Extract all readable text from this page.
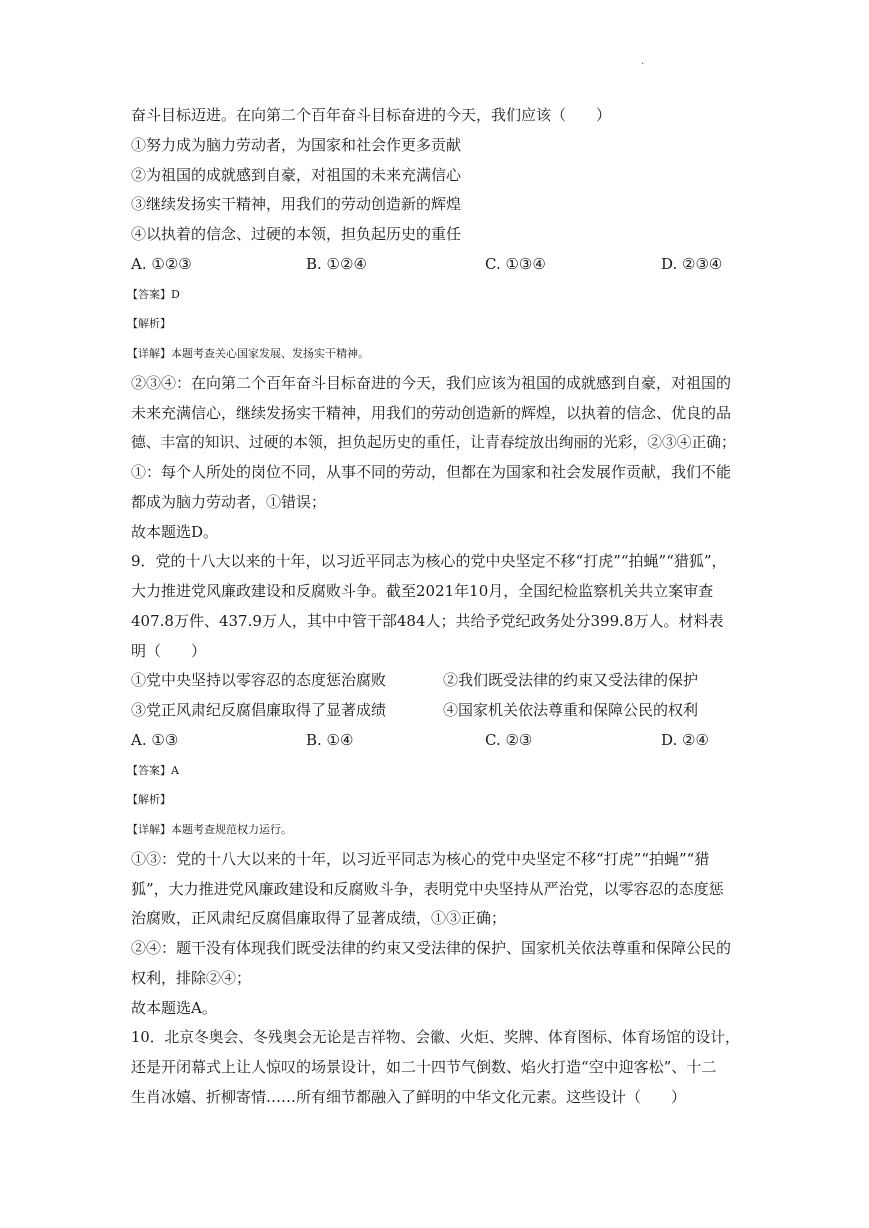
.
奋斗目标迈进。在向第二个百年奋斗目标奋进的今天，我们应该（　　）
①努力成为脑力劳动者，为国家和社会作更多贡献
②为祖国的成就感到自豪，对祖国的未来充满信心
③继续发扬实干精神，用我们的劳动创造新的辉煌
④以执着的信念、过硬的本领，担负起历史的重任
A. ①②③	B. ①②④	C. ①③④	D. ②③④
【答案】D
【解析】
【详解】本题考查关心国家发展、发扬实干精神。
②③④：在向第二个百年奋斗目标奋进的今天，我们应该为祖国的成就感到自豪，对祖国的
未来充满信心，继续发扬实干精神，用我们的劳动创造新的辉煌，以执着的信念、优良的品
德、丰富的知识、过硬的本领，担负起历史的重任，让青春绽放出绚丽的光彩，②③④正确；
①：每个人所处的岗位不同，从事不同的劳动，但都在为国家和社会发展作贡献，我们不能
都成为脑力劳动者，①错误；
故本题选D。
9．党的十八大以来的十年，以习近平同志为核心的党中央坚定不移“打虎”“拍蝇”“猎狐”，
大力推进党风廉政建设和反腐败斗争。截至2021年10月，全国纪检监察机关共立案审查
407.8万件、437.9万人，其中中管干部484人；共给予党纪政务处分399.8万人。材料表
明（　　）
①党中央坚持以零容忍的态度惩治腐败	②我们既受法律的约束又受法律的保护
③党正风肃纪反腐倡廉取得了显著成绩	④国家机关依法尊重和保障公民的权利
A. ①③	B. ①④	C. ②③	D. ②④
【答案】A
【解析】
【详解】本题考查规范权力运行。
①③：党的十八大以来的十年，以习近平同志为核心的党中央坚定不移“打虎”“拍蝇”“猎
狐”，大力推进党风廉政建设和反腐败斗争，表明党中央坚持从严治党，以零容忍的态度惩
治腐败，正风肃纪反腐倡廉取得了显著成绩，①③正确；
②④：题干没有体现我们既受法律的约束又受法律的保护、国家机关依法尊重和保障公民的
权利，排除②④；
故本题选A。
10．北京冬奥会、冬残奥会无论是吉祥物、会徽、火炬、奖牌、体育图标、体育场馆的设计，
还是开闭幕式上让人惊叹的场景设计，如二十四节气倒数、焰火打造“空中迎客松”、十二
生肖冰嬉、折柳寄情……所有细节都融入了鲜明的中华文化元素。这些设计（　　）
